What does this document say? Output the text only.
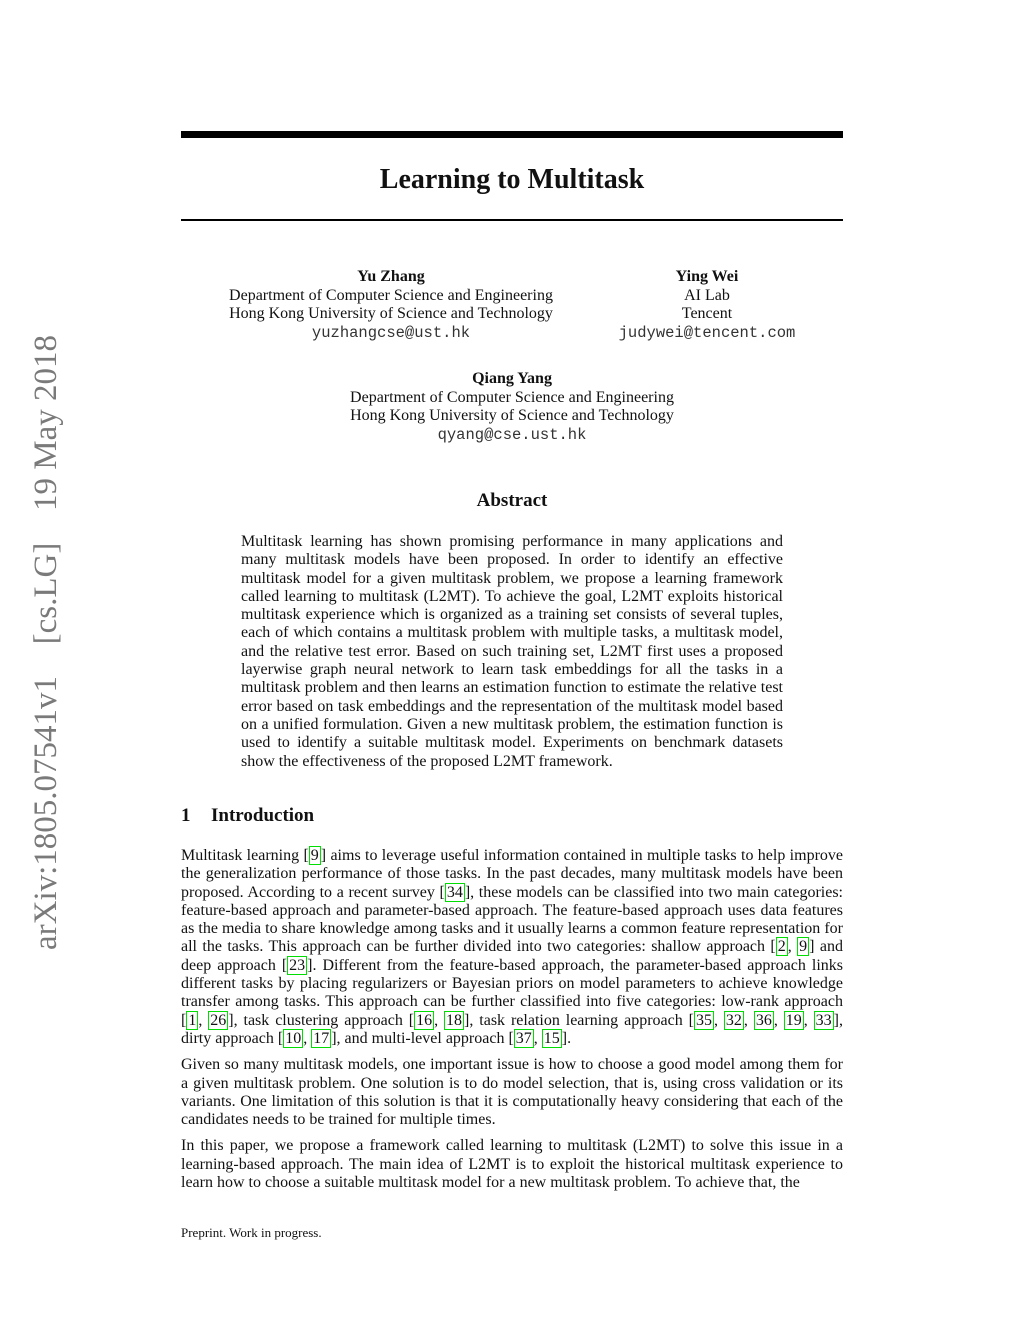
arXiv:1805.07541v1
[cs.LG]
19 May 2018
Learning to Multitask
Yu Zhang
Department of Computer Science and Engineering
Hong Kong University of Science and Technology
yuzhangcse@ust.hk
Ying Wei
AI Lab
Tencent
judywei@tencent.com
Qiang Yang
Department of Computer Science and Engineering
Hong Kong University of Science and Technology
qyang@cse.ust.hk
Abstract

Multitask learning has shown promising performance in many applications and many multitask models have been proposed. In order to identify an effective multitask model for a given multitask problem, we propose a learning framework called learning to multitask (L2MT). To achieve the goal, L2MT exploits historical multitask experience which is organized as a training set consists of several tuples, each of which contains a multitask problem with multiple tasks, a multitask model, and the relative test error. Based on such training set, L2MT first uses a proposed layerwise graph neural network to learn task embeddings for all the tasks in a multitask problem and then learns an estimation function to estimate the relative test error based on task embeddings and the representation of the multitask model based on a unified formulation. Given a new multitask problem, the estimation function is used to identify a suitable multitask model. Experiments on benchmark datasets show the effectiveness of the proposed L2MT framework.

1 Introduction

Multitask learning [ 9 ] aims to leverage useful information contained in multiple tasks to help improve the generalization performance of those tasks. In the past decades, many multitask models have been proposed. According to a recent survey [ 34 ], these models can be classified into two main categories: feature-based approach and parameter-based approach. The feature-based approach uses data features as the media to share knowledge among tasks and it usually learns a common feature representation for all the tasks. This approach can be further divided into two categories: shallow approach [ 2 , 9 ] and deep approach [ 23 ]. Different from the feature-based approach, the parameter-based approach links different tasks by placing regularizers or Bayesian priors on model parameters to achieve knowledge transfer among tasks. This approach can be further classified into five categories: low-rank approach [ 1 , 26 ], task clustering approach [ 16 , 18 ], task relation learning approach [ 35 , 32 , 36 , 19 , 33 ], dirty approach [ 10 , 17 ], and multi-level approach [ 37 , 15 ].

Given so many multitask models, one important issue is how to choose a good model among them for a given multitask problem. One solution is to do model selection, that is, using cross validation or its variants. One limitation of this solution is that it is computationally heavy considering that each of the candidates needs to be trained for multiple times.

In this paper, we propose a framework called learning to multitask (L2MT) to solve this issue in a learning-based approach. The main idea of L2MT is to exploit the historical multitask experience to learn how to choose a suitable multitask model for a new multitask problem. To achieve that, the

Preprint. Work in progress.
